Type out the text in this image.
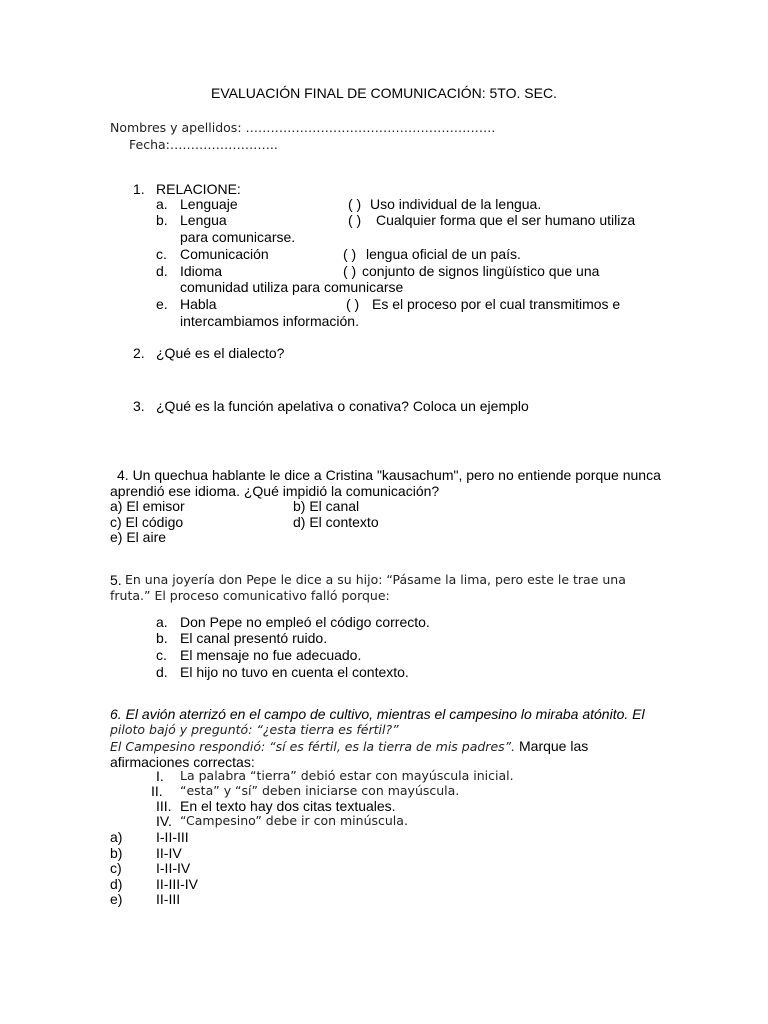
EVALUACIÓN FINAL DE COMUNICACIÓN: 5TO. SEC.
Nombres y apellidos: ……………………………………………………
Fecha:……………………..
1. RELACIONE:
a. Lenguaje	( ) Uso individual de la lengua.
b. Lengua	( ) Cualquier forma que el ser humano utiliza
para comunicarse.
c. Comunicación	( ) lengua oficial de un país.
d. Idioma	( ) conjunto de signos lingüístico que una
comunidad utiliza para comunicarse
e. Habla	( ) Es el proceso por el cual transmitimos e
intercambiamos información.
2. ¿Qué es el dialecto?
3. ¿Qué es la función apelativa o conativa? Coloca un ejemplo
4. Un quechua hablante le dice a Cristina "kausachum", pero no entiende porque nunca
aprendió ese idioma. ¿Qué impidió la comunicación?
a) El emisor	b) El canal
c) El código	d) El contexto
e) El aire
5. En una joyería don Pepe le dice a su hijo: “Pásame la lima, pero este le trae una
fruta.” El proceso comunicativo falló porque:
a. Don Pepe no empleó el código correcto.
b. El canal presentó ruido.
c. El mensaje no fue adecuado.
d. El hijo no tuvo en cuenta el contexto.
6. El avión aterrizó en el campo de cultivo, mientras el campesino lo miraba atónito. El
piloto bajó y preguntó: “¿esta tierra es fértil?”
El Campesino respondió: “sí es fértil, es la tierra de mis padres”. Marque las
afirmaciones correctas:
I. La palabra “tierra” debió estar con mayúscula inicial.
II. “esta” y “sí” deben iniciarse con mayúscula.
III. En el texto hay dos citas textuales.
IV. “Campesino” debe ir con minúscula.
a) I-II-III
b) II-IV
c) I-II-IV
d) II-III-IV
e) II-III
